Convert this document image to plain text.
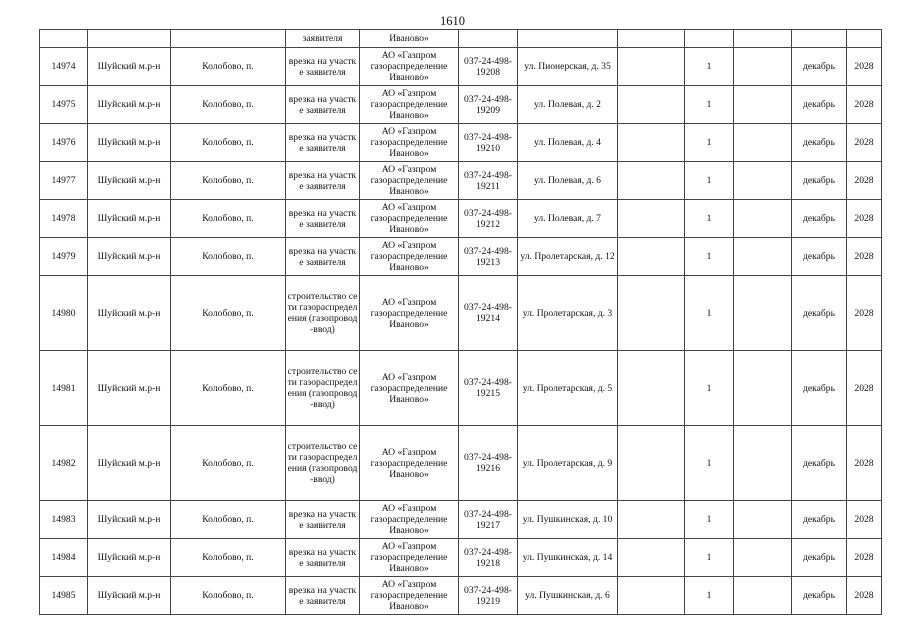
1610
			заявителя	Иваново»							
14974	Шуйский м.р-н	Колобово, п.	врезка на участке заявителя	АО «Газпром газораспределение Иваново»	037-24-498-19208	ул. Пионерская, д. 35		1		декабрь	2028
14975	Шуйский м.р-н	Колобово, п.	врезка на участке заявителя	АО «Газпром газораспределение Иваново»	037-24-498-19209	ул. Полевая, д. 2		1		декабрь	2028
14976	Шуйский м.р-н	Колобово, п.	врезка на участке заявителя	АО «Газпром газораспределение Иваново»	037-24-498-19210	ул. Полевая, д. 4		1		декабрь	2028
14977	Шуйский м.р-н	Колобово, п.	врезка на участке заявителя	АО «Газпром газораспределение Иваново»	037-24-498-19211	ул. Полевая, д. 6		1		декабрь	2028
14978	Шуйский м.р-н	Колобово, п.	врезка на участке заявителя	АО «Газпром газораспределение Иваново»	037-24-498-19212	ул. Полевая, д. 7		1		декабрь	2028
14979	Шуйский м.р-н	Колобово, п.	врезка на участке заявителя	АО «Газпром газораспределение Иваново»	037-24-498-19213	ул. Пролетарская, д. 12		1		декабрь	2028
14980	Шуйский м.р-н	Колобово, п.	строительство сети газораспределения (газопровод-ввод)	АО «Газпром газораспределение Иваново»	037-24-498-19214	ул. Пролетарская, д. 3		1		декабрь	2028
14981	Шуйский м.р-н	Колобово, п.	строительство сети газораспределения (газопровод-ввод)	АО «Газпром газораспределение Иваново»	037-24-498-19215	ул. Пролетарская, д. 5		1		декабрь	2028
14982	Шуйский м.р-н	Колобово, п.	строительство сети газораспределения (газопровод-ввод)	АО «Газпром газораспределение Иваново»	037-24-498-19216	ул. Пролетарская, д. 9		1		декабрь	2028
14983	Шуйский м.р-н	Колобово, п.	врезка на участке заявителя	АО «Газпром газораспределение Иваново»	037-24-498-19217	ул. Пушкинская, д. 10		1		декабрь	2028
14984	Шуйский м.р-н	Колобово, п.	врезка на участке заявителя	АО «Газпром газораспределение Иваново»	037-24-498-19218	ул. Пушкинская, д. 14		1		декабрь	2028
14985	Шуйский м.р-н	Колобово, п.	врезка на участке заявителя	АО «Газпром газораспределение Иваново»	037-24-498-19219	ул. Пушкинская, д. 6		1		декабрь	2028
